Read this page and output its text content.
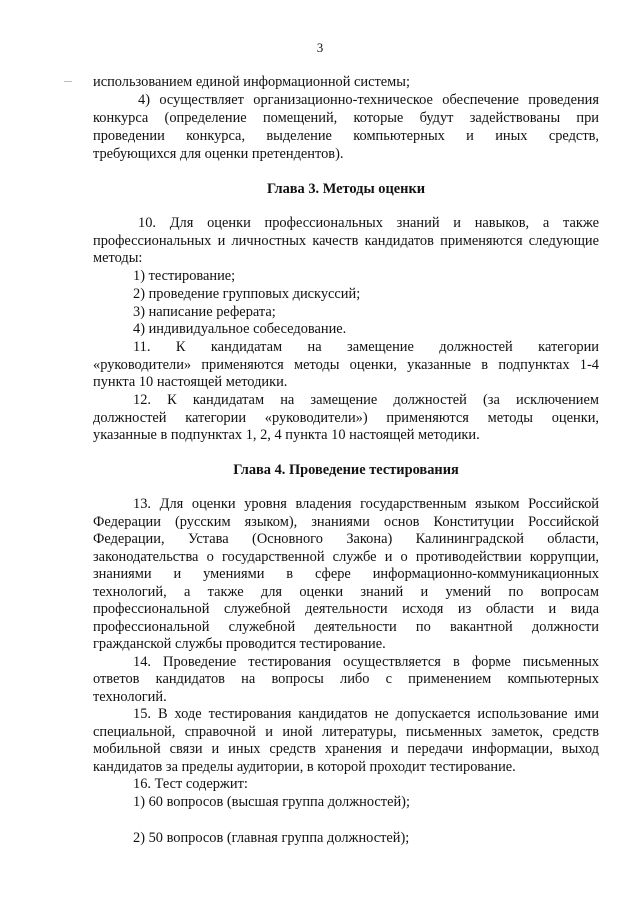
3
использованием единой информационной системы;
4) осуществляет организационно-техническое обеспечение проведения
конкурса (определение помещений, которые будут задействованы при
проведении конкурса, выделение компьютерных и иных средств,
требующихся для оценки претендентов).
Глава 3. Методы оценки
10. Для оценки профессиональных знаний и навыков, а также
профессиональных и личностных качеств кандидатов применяются следующие
методы:
1) тестирование;
2) проведение групповых дискуссий;
3) написание реферата;
4) индивидуальное собеседование.
11. К кандидатам на замещение должностей категории
«руководители» применяются методы оценки, указанные в подпунктах 1-4
пункта 10 настоящей методики.
12. К кандидатам на замещение должностей (за исключением
должностей категории «руководители») применяются методы оценки,
указанные в подпунктах 1, 2, 4 пункта 10 настоящей методики.
Глава 4. Проведение тестирования
13. Для оценки уровня владения государственным языком Российской
Федерации (русским языком), знаниями основ Конституции Российской
Федерации, Устава (Основного Закона) Калининградской области,
законодательства о государственной службе и о противодействии коррупции,
знаниями и умениями в сфере информационно-коммуникационных
технологий, а также для оценки знаний и умений по вопросам
профессиональной служебной деятельности исходя из области и вида
профессиональной служебной деятельности по вакантной должности
гражданской службы проводится тестирование.
14. Проведение тестирования осуществляется в форме письменных
ответов кандидатов на вопросы либо с применением компьютерных
технологий.
15. В ходе тестирования кандидатов не допускается использование ими
специальной, справочной и иной литературы, письменных заметок, средств
мобильной связи и иных средств хранения и передачи информации, выход
кандидатов за пределы аудитории, в которой проходит тестирование.
16. Тест содержит:
1) 60 вопросов (высшая группа должностей);
2) 50 вопросов (главная группа должностей);
